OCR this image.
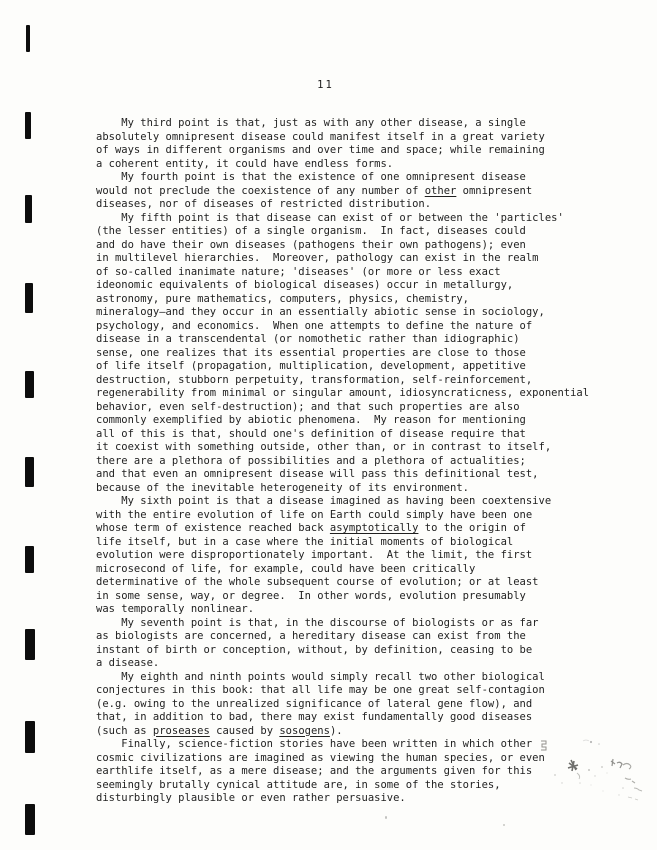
11
My third point is that, just as with any other disease, a single
absolutely omnipresent disease could manifest itself in a great variety
of ways in different organisms and over time and space; while remaining
a coherent entity, it could have endless forms.
My fourth point is that the existence of one omnipresent disease
would not preclude the coexistence of any number of other omnipresent
diseases, nor of diseases of restricted distribution.
My fifth point is that disease can exist of or between the 'particles'
(the lesser entities) of a single organism.  In fact, diseases could
and do have their own diseases (pathogens their own pathogens); even
in multilevel hierarchies.  Moreover, pathology can exist in the realm
of so-called inanimate nature; 'diseases' (or more or less exact
ideonomic equivalents of biological diseases) occur in metallurgy,
astronomy, pure mathematics, computers, physics, chemistry,
mineralogy—and they occur in an essentially abiotic sense in sociology,
psychology, and economics.  When one attempts to define the nature of
disease in a transcendental (or nomothetic rather than idiographic)
sense, one realizes that its essential properties are close to those
of life itself (propagation, multiplication, development, appetitive
destruction, stubborn perpetuity, transformation, self-reinforcement,
regenerability from minimal or singular amount, idiosyncraticness, exponential
behavior, even self-destruction); and that such properties are also
commonly exemplified by abiotic phenomena.  My reason for mentioning
all of this is that, should one's definition of disease require that
it coexist with something outside, other than, or in contrast to itself,
there are a plethora of possibilities and a plethora of actualities;
and that even an omnipresent disease will pass this definitional test,
because of the inevitable heterogeneity of its environment.
My sixth point is that a disease imagined as having been coextensive
with the entire evolution of life on Earth could simply have been one
whose term of existence reached back asymptotically to the origin of
life itself, but in a case where the initial moments of biological
evolution were disproportionately important.  At the limit, the first
microsecond of life, for example, could have been critically
determinative of the whole subsequent course of evolution; or at least
in some sense, way, or degree.  In other words, evolution presumably
was temporally nonlinear.
My seventh point is that, in the discourse of biologists or as far
as biologists are concerned, a hereditary disease can exist from the
instant of birth or conception, without, by definition, ceasing to be
a disease.
My eighth and ninth points would simply recall two other biological
conjectures in this book: that all life may be one great self-contagion
(e.g. owing to the unrealized significance of lateral gene flow), and
that, in addition to bad, there may exist fundamentally good diseases
(such as proseases caused by sosogens).
Finally, science-fiction stories have been written in which other
cosmic civilizations are imagined as viewing the human species, or even
earthlife itself, as a mere disease; and the arguments given for this
seemingly brutally cynical attitude are, in some of the stories,
disturbingly plausible or even rather persuasive.
